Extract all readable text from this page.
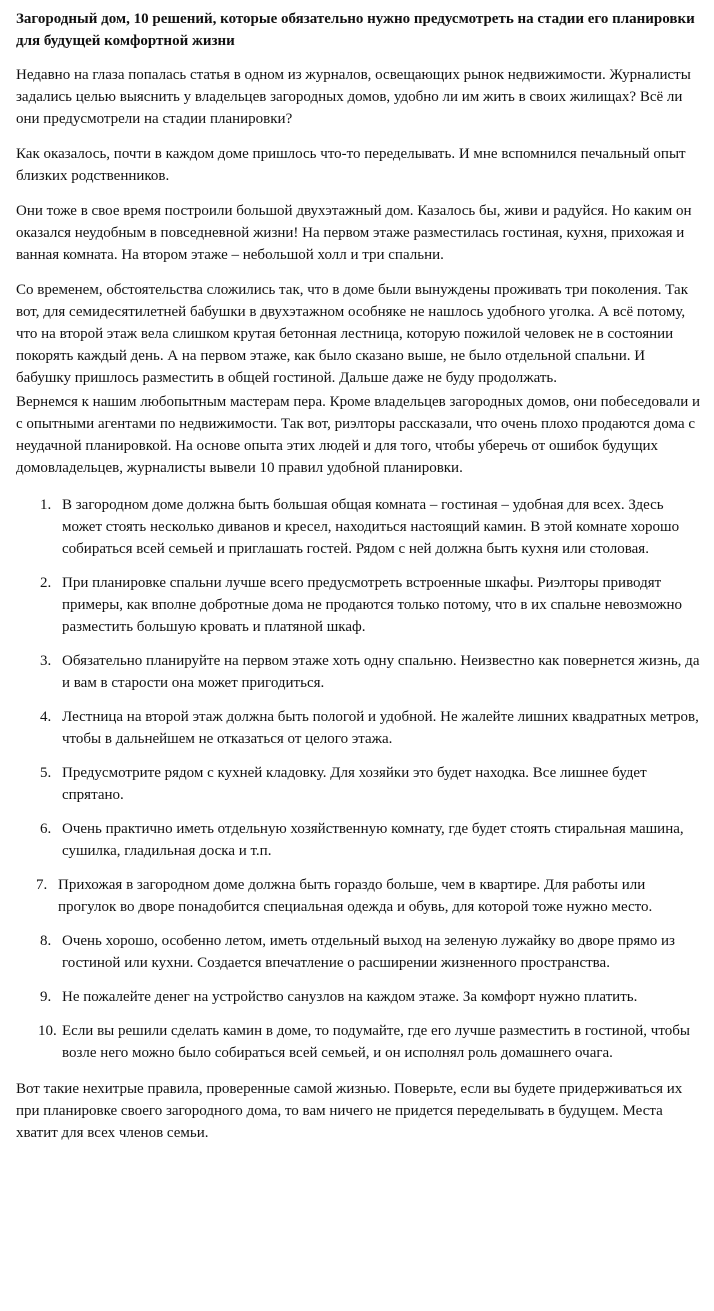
Загородный дом, 10 решений, которые обязательно нужно предусмотреть на стадии его планировки для будущей комфортной жизни

Недавно на глаза попалась статья в одном из журналов, освещающих рынок недвижимости. Журналисты задались целью выяснить у владельцев загородных домов, удобно ли им жить в своих жилищах? Всё ли они предусмотрели на стадии планировки?

Как оказалось, почти в каждом доме пришлось что-то переделывать. И мне вспомнился печальный опыт близких родственников.

Они тоже в свое время построили большой двухэтажный дом. Казалось бы, живи и радуйся. Но каким он оказался неудобным в повседневной жизни! На первом этаже разместилась гостиная, кухня, прихожая и ванная комната. На втором этаже – небольшой холл и три спальни.

Со временем, обстоятельства сложились так, что в доме были вынуждены проживать три поколения. Так вот, для семидесятилетней бабушки в двухэтажном особняке не нашлось удобного уголка. А всё потому, что на второй этаж вела слишком крутая бетонная лестница, которую пожилой человек не в состоянии покорять каждый день. А на первом этаже, как было сказано выше, не было отдельной спальни. И бабушку пришлось разместить в общей гостиной. Дальше даже не буду продолжать.

Вернемся к нашим любопытным мастерам пера. Кроме владельцев загородных домов, они побеседовали и с опытными агентами по недвижимости. Так вот, риэлторы рассказали, что очень плохо продаются дома с неудачной планировкой. На основе опыта этих людей и для того, чтобы уберечь от ошибок будущих домовладельцев, журналисты вывели 10 правил удобной планировки.

1. В загородном доме должна быть большая общая комната – гостиная – удобная для всех. Здесь может стоять несколько диванов и кресел, находиться настоящий камин. В этой комнате хорошо собираться всей семьей и приглашать гостей. Рядом с ней должна быть кухня или столовая.
2. При планировке спальни лучше всего предусмотреть встроенные шкафы. Риэлторы приводят примеры, как вполне добротные дома не продаются только потому, что в их спальне невозможно разместить большую кровать и платяной шкаф.
3. Обязательно планируйте на первом этаже хоть одну спальню. Неизвестно как повернется жизнь, да и вам в старости она может пригодиться.
4. Лестница на второй этаж должна быть пологой и удобной. Не жалейте лишних квадратных метров, чтобы в дальнейшем не отказаться от целого этажа.
5. Предусмотрите рядом с кухней кладовку. Для хозяйки это будет находка. Все лишнее будет спрятано.
6. Очень практично иметь отдельную хозяйственную комнату, где будет стоять стиральная машина, сушилка, гладильная доска и т.п.
7. Прихожая в загородном доме должна быть гораздо больше, чем в квартире. Для работы или прогулок во дворе понадобится специальная одежда и обувь, для которой тоже нужно место.
8. Очень хорошо, особенно летом, иметь отдельный выход на зеленую лужайку во дворе прямо из гостиной или кухни. Создается впечатление о расширении жизненного пространства.
9. Не пожалейте денег на устройство санузлов на каждом этаже. За комфорт нужно платить.
10. Если вы решили сделать камин в доме, то подумайте, где его лучше разместить в гостиной, чтобы возле него можно было собираться всей семьей, и он исполнял роль домашнего очага.

Вот такие нехитрые правила, проверенные самой жизнью. Поверьте, если вы будете придерживаться их при планировке своего загородного дома, то вам ничего не придется переделывать в будущем. Места хватит для всех членов семьи.
